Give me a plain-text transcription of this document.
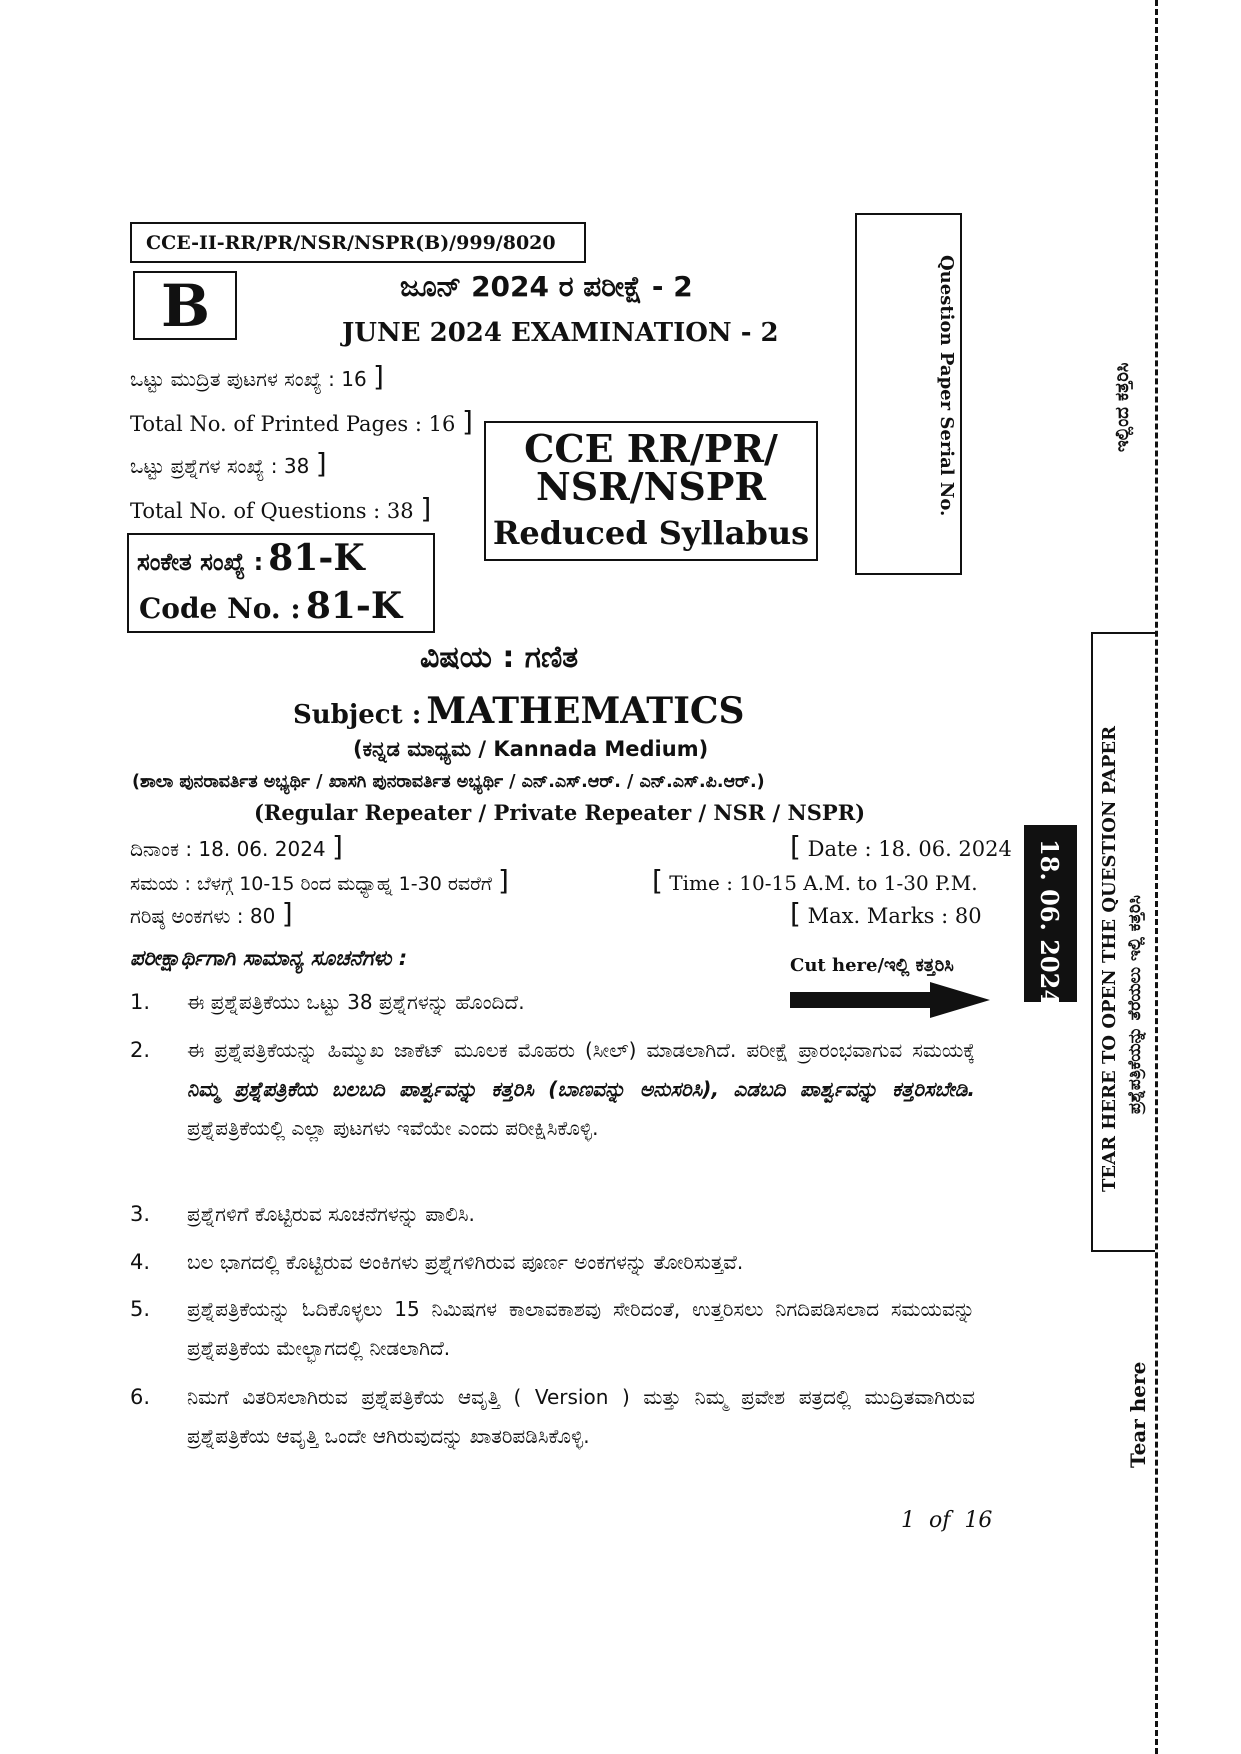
CCE-II-RR/PR/NSR/NSPR(B)/999/8020
B	ಜೂನ್ 2024 ರ ಪರೀಕ್ಷೆ - 2
JUNE 2024 EXAMINATION - 2
ಒಟ್ಟು ಮುದ್ರಿತ ಪುಟಗಳ ಸಂಖ್ಯೆ : 16 ]
Total No. of Printed Pages : 16 ]
ಒಟ್ಟು ಪ್ರಶ್ನೆಗಳ ಸಂಖ್ಯೆ : 38 ]
Total No. of Questions : 38 ]
ಸಂಕೇತ ಸಂಖ್ಯೆ : 81-K
Code No. : 81-K
CCE RR/PR/
NSR/NSPR
Reduced Syllabus
Question Paper Serial No.
ವಿಷಯ : ಗಣಿತ
Subject : MATHEMATICS
(ಕನ್ನಡ ಮಾಧ್ಯಮ / Kannada Medium)
(ಶಾಲಾ ಪುನರಾವರ್ತಿತ ಅಭ್ಯರ್ಥಿ / ಖಾಸಗಿ ಪುನರಾವರ್ತಿತ ಅಭ್ಯರ್ಥಿ / ಎನ್.ಎಸ್.ಆರ್. / ಎನ್.ಎಸ್.ಪಿ.ಆರ್.)
(Regular Repeater / Private Repeater / NSR / NSPR)
ದಿನಾಂಕ : 18. 06. 2024 ]	[ Date : 18. 06. 2024
ಸಮಯ : ಬೆಳಗ್ಗೆ 10-15 ರಿಂದ ಮಧ್ಯಾಹ್ನ 1-30 ರವರೆಗೆ ]	[ Time : 10-15 A.M. to 1-30 P.M.
ಗರಿಷ್ಠ ಅಂಕಗಳು : 80 ]	[ Max. Marks : 80
ಪರೀಕ್ಷಾರ್ಥಿಗಾಗಿ ಸಾಮಾನ್ಯ ಸೂಚನೆಗಳು :	Cut here/ಇಲ್ಲಿ ಕತ್ತರಿಸಿ
1. ಈ ಪ್ರಶ್ನೆಪತ್ರಿಕೆಯು ಒಟ್ಟು 38 ಪ್ರಶ್ನೆಗಳನ್ನು ಹೊಂದಿದೆ.
2. ಈ ಪ್ರಶ್ನೆಪತ್ರಿಕೆಯನ್ನು ಹಿಮ್ಮುಖ ಜಾಕೆಟ್ ಮೂಲಕ ಮೊಹರು (ಸೀಲ್) ಮಾಡಲಾಗಿದೆ. ಪರೀಕ್ಷೆ ಪ್ರಾರಂಭವಾಗುವ ಸಮಯಕ್ಕೆ ನಿಮ್ಮ ಪ್ರಶ್ನೆಪತ್ರಿಕೆಯ ಬಲಬದಿ ಪಾರ್ಶ್ವವನ್ನು ಕತ್ತರಿಸಿ (ಬಾಣವನ್ನು ಅನುಸರಿಸಿ), ಎಡಬದಿ ಪಾರ್ಶ್ವವನ್ನು ಕತ್ತರಿಸಬೇಡಿ. ಪ್ರಶ್ನೆಪತ್ರಿಕೆಯಲ್ಲಿ ಎಲ್ಲಾ ಪುಟಗಳು ಇವೆಯೇ ಎಂದು ಪರೀಕ್ಷಿಸಿಕೊಳ್ಳಿ.
3. ಪ್ರಶ್ನೆಗಳಿಗೆ ಕೊಟ್ಟಿರುವ ಸೂಚನೆಗಳನ್ನು ಪಾಲಿಸಿ.
4. ಬಲ ಭಾಗದಲ್ಲಿ ಕೊಟ್ಟಿರುವ ಅಂಕಿಗಳು ಪ್ರಶ್ನೆಗಳಿಗಿರುವ ಪೂರ್ಣ ಅಂಕಗಳನ್ನು ತೋರಿಸುತ್ತವೆ.
5. ಪ್ರಶ್ನೆಪತ್ರಿಕೆಯನ್ನು ಓದಿಕೊಳ್ಳಲು 15 ನಿಮಿಷಗಳ ಕಾಲಾವಕಾಶವು ಸೇರಿದಂತೆ, ಉತ್ತರಿಸಲು ನಿಗದಿಪಡಿಸಲಾದ ಸಮಯವನ್ನು ಪ್ರಶ್ನೆಪತ್ರಿಕೆಯ ಮೇಲ್ಭಾಗದಲ್ಲಿ ನೀಡಲಾಗಿದೆ.
6. ನಿಮಗೆ ವಿತರಿಸಲಾಗಿರುವ ಪ್ರಶ್ನೆಪತ್ರಿಕೆಯ ಆವೃತ್ತಿ ( Version ) ಮತ್ತು ನಿಮ್ಮ ಪ್ರವೇಶ ಪತ್ರದಲ್ಲಿ ಮುದ್ರಿತವಾಗಿರುವ ಪ್ರಶ್ನೆಪತ್ರಿಕೆಯ ಆವೃತ್ತಿ ಒಂದೇ ಆಗಿರುವುದನ್ನು ಖಾತರಿಪಡಿಸಿಕೊಳ್ಳಿ.
1  of  16
18. 06. 2024 TEAR HERE TO OPEN THE QUESTION PAPER ಪ್ರಶ್ನೆಪತ್ರಿಕೆಯನ್ನು ತೆರೆಯಲು ಇಲ್ಲಿ ಕತ್ತರಿಸಿ
ಇಲ್ಲಿಂದ ಕತ್ತರಿಸಿ
Tear here
